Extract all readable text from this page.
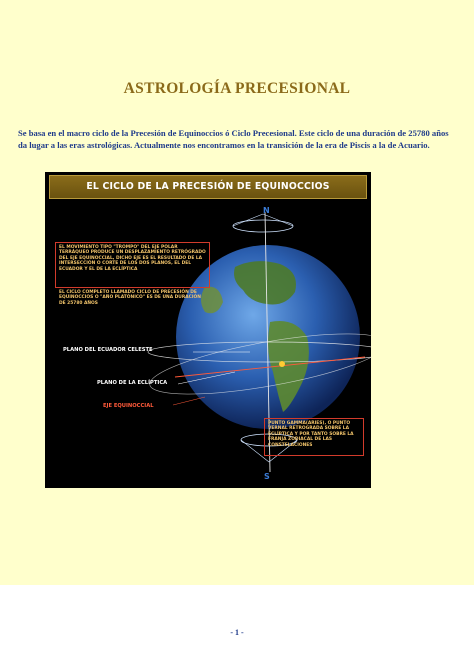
ASTROLOGÍA PRECESIONAL
Se basa en el macro ciclo de la Precesión de Equinoccios ó Ciclo Precesional. Este ciclo de una duración de 25780 años da lugar a las eras astrológicas. Actualmente nos encontramos en la transición de la era de Piscis a la de Acuario.
EL CICLO DE LA PRECESIÓN DE EQUINOCCIOS
N
S
EL MOVIMIENTO TIPO "TROMPO" DEL EJE POLAR TERRÁQUEO PRODUCE UN DESPLAZAMIENTO RETRÓGRADO DEL EJE EQUINOCCIAL, DICHO EJE ES EL RESULTADO DE LA INTERSECCIÓN O CORTE DE LOS DOS PLANOS, EL DEL ECUADOR Y EL DE LA ECLÍPTICA
EL CICLO COMPLETO LLAMADO CICLO DE PRECESIÓN DE EQUINOCCIOS O "AÑO PLATÓNICO" ES DE UNA DURACIÓN DE 25780 AÑOS
PLANO DEL ECUADOR CELESTE
PLANO DE LA ECLÍPTICA
EJE EQUINOCCIAL
PUNTO GAMMA(ARIES), O PUNTO VERNAL RETROGRADA SOBRE LA ECLÍPTICA Y POR TANTO SOBRE LA FRANJA ZODIACAL DE LAS CONSTELACIONES
- 1 -
